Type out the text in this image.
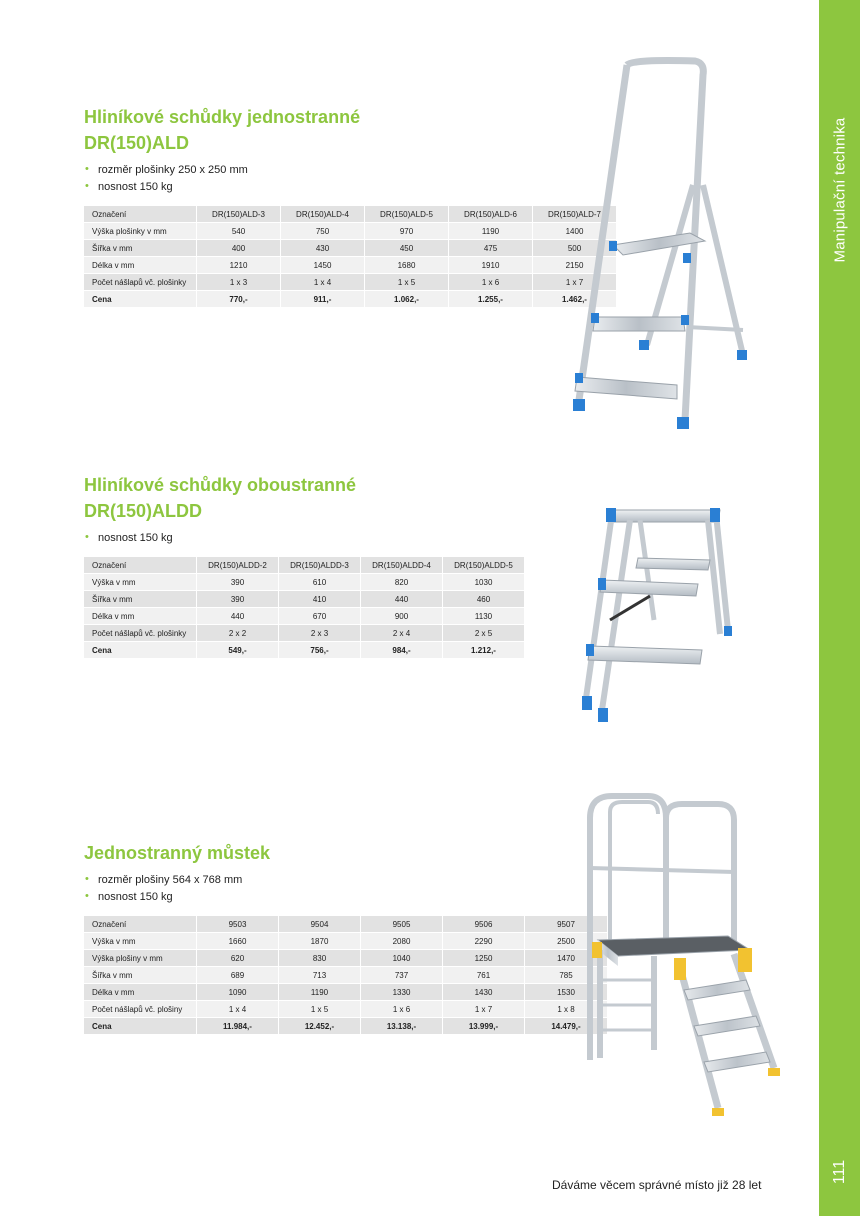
Manipulační technika
111
Dáváme věcem správné místo již 28 let
Hliníkové schůdky jednostranné
DR(150)ALD
• rozměr plošinky 250 x 250 mm
• nosnost 150 kg
Označení	DR(150)ALD-3	DR(150)ALD-4	DR(150)ALD-5	DR(150)ALD-6	DR(150)ALD-7
Výška plošinky v mm	540	750	970	1190	1400
Šířka v mm	400	430	450	475	500
Délka v mm	1210	1450	1680	1910	2150
Počet nášlapů vč. plošinky	1 x 3	1 x 4	1 x 5	1 x 6	1 x 7
Cena	770,-	911,-	1.062,-	1.255,-	1.462,-
Hliníkové schůdky oboustranné
DR(150)ALDD
• nosnost 150 kg
Označení	DR(150)ALDD-2	DR(150)ALDD-3	DR(150)ALDD-4	DR(150)ALDD-5
Výška v mm	390	610	820	1030
Šířka v mm	390	410	440	460
Délka v mm	440	670	900	1130
Počet nášlapů vč. plošinky	2 x 2	2 x 3	2 x 4	2 x 5
Cena	549,-	756,-	984,-	1.212,-
Jednostranný můstek
• rozměr plošiny 564 x 768 mm
• nosnost 150 kg
Označení	9503	9504	9505	9506	9507
Výška v mm	1660	1870	2080	2290	2500
Výška plošiny v mm	620	830	1040	1250	1470
Šířka v mm	689	713	737	761	785
Délka v mm	1090	1190	1330	1430	1530
Počet nášlapů vč. plošiny	1 x 4	1 x 5	1 x 6	1 x 7	1 x 8
Cena	11.984,-	12.452,-	13.138,-	13.999,-	14.479,-
